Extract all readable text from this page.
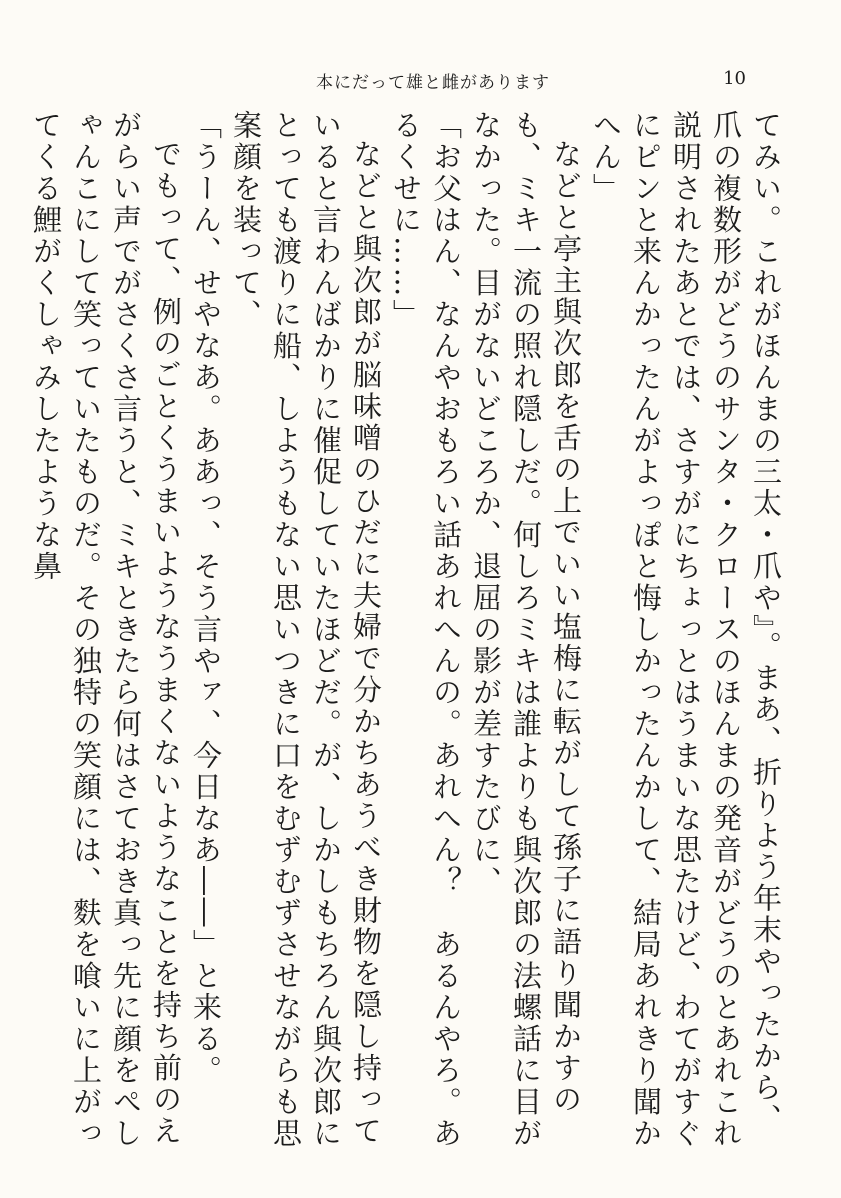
本にだって雄と雌があります	10

てみい。これがほんまの三太・爪や』。まあ、折りよう年末やったから、爪の複数形がどうのサンタ・クロースのほんまの発音がどうのとあれこれ説明されたあとでは、さすがにちょっとはうまいな思たけど、わてがすぐにピンと来んかったんがよっぽと悔しかったんかして、結局あれきり聞かへん」

などと亭主與次郎を舌の上でいい塩梅に転がして孫子に語り聞かすのも、ミキ一流の照れ隠しだ。何しろミキは誰よりも與次郎の法螺話に目がなかった。目がないどころか、退屈の影が差すたびに、

「お父はん、なんやおもろい話あれへんの。あれへん？　あるんやろ。あるくせに……」

などと與次郎が脳味噌のひだに夫婦で分かちあうべき財物を隠し持っていると言わんばかりに催促していたほどだ。が、しかしもちろん與次郎にとっても渡りに船、しようもない思いつきに口をむずむずさせながらも思案顔を装って、

「うーん、せやなあ。ああっ、そう言やァ、今日なあ――」と来る。

でもって、例のごとくうまいようなうまくないようなことを持ち前のえがらい声でがさくさ言うと、ミキときたら何はさておき真っ先に顔をぺしゃんこにして笑っていたものだ。その独特の笑顔には、麩を喰いに上がってくる鯉がくしゃみしたような鼻
